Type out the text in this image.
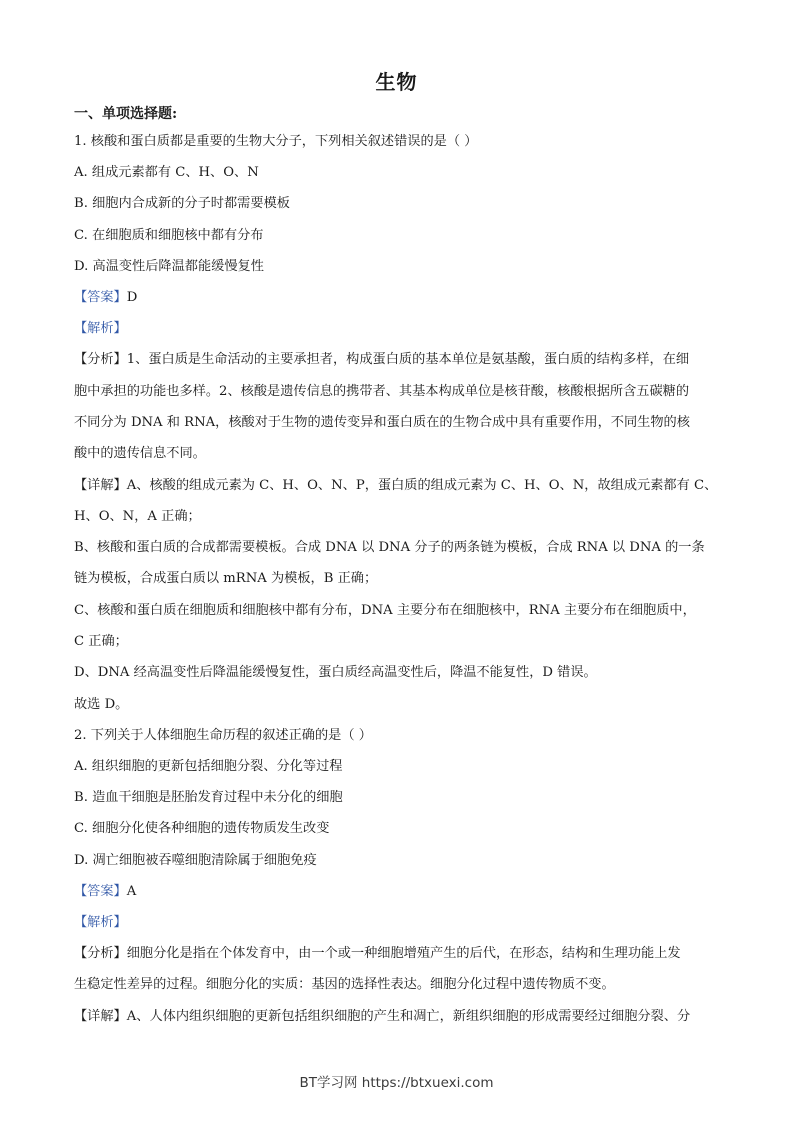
生物
一、单项选择题:
1. 核酸和蛋白质都是重要的生物大分子，下列相关叙述错误的是（ ）
A. 组成元素都有 C、H、O、N
B. 细胞内合成新的分子时都需要模板
C. 在细胞质和细胞核中都有分布
D. 高温变性后降温都能缓慢复性
【答案】D
【解析】
【分析】1、蛋白质是生命活动的主要承担者，构成蛋白质的基本单位是氨基酸，蛋白质的结构多样，在细
胞中承担的功能也多样。2、核酸是遗传信息的携带者、其基本构成单位是核苷酸，核酸根据所含五碳糖的
不同分为 DNA 和 RNA，核酸对于生物的遗传变异和蛋白质在的生物合成中具有重要作用，不同生物的核
酸中的遗传信息不同。
【详解】A、核酸的组成元素为 C、H、O、N、P，蛋白质的组成元素为 C、H、O、N，故组成元素都有 C、
H、O、N，A 正确；
B、核酸和蛋白质的合成都需要模板。合成 DNA 以 DNA 分子的两条链为模板，合成 RNA 以 DNA 的一条
链为模板，合成蛋白质以 mRNA 为模板，B 正确；
C、核酸和蛋白质在细胞质和细胞核中都有分布，DNA 主要分布在细胞核中，RNA 主要分布在细胞质中，
C 正确；
D、DNA 经高温变性后降温能缓慢复性，蛋白质经高温变性后，降温不能复性，D 错误。
故选 D。
2. 下列关于人体细胞生命历程的叙述正确的是（ ）
A. 组织细胞的更新包括细胞分裂、分化等过程
B. 造血干细胞是胚胎发育过程中未分化的细胞
C. 细胞分化使各种细胞的遗传物质发生改变
D. 凋亡细胞被吞噬细胞清除属于细胞免疫
【答案】A
【解析】
【分析】细胞分化是指在个体发育中，由一个或一种细胞增殖产生的后代，在形态，结构和生理功能上发
生稳定性差异的过程。细胞分化的实质：基因的选择性表达。细胞分化过程中遗传物质不变。
【详解】A、人体内组织细胞的更新包括组织细胞的产生和凋亡，新组织细胞的形成需要经过细胞分裂、分
BT学习网 https://btxuexi.com
